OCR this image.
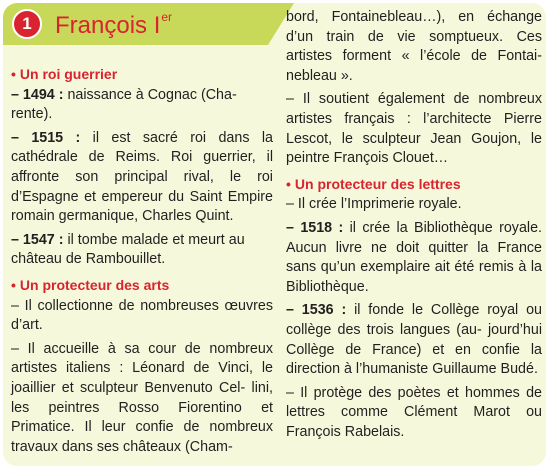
1 François Ier

• Un roi guerrier

– 1494 : naissance à Cognac (Cha- rente).

– 1515 : il est sacré roi dans la cathédrale de Reims. Roi guerrier, il affronte son principal rival, le roi d’Espagne et empereur du Saint Empire romain germanique, Charles Quint.

– 1547 : il tombe malade et meurt au château de Rambouillet.

• Un protecteur des arts

– Il collectionne de nombreuses œuvres d’art.

– Il accueille à sa cour de nombreux artistes italiens : Léonard de Vinci, le joaillier et sculpteur Benvenuto Cel- lini, les peintres Rosso Fiorentino et Primatice. Il leur confie de nombreux travaux dans ses châteaux (Cham-

bord, Fontainebleau…), en échange d’un train de vie somptueux. Ces artistes forment « l’école de Fontai- nebleau ».

– Il soutient également de nombreux artistes français : l’architecte Pierre Lescot, le sculpteur Jean Goujon, le peintre François Clouet…

• Un protecteur des lettres

– Il crée l’Imprimerie royale.

– 1518 : il crée la Bibliothèque royale. Aucun livre ne doit quitter la France sans qu’un exemplaire ait été remis à la Bibliothèque.

– 1536 : il fonde le Collège royal ou collège des trois langues (au- jourd’hui Collège de France) et en confie la direction à l’humaniste Guillaume Budé.

– Il protège des poètes et hommes de lettres comme Clément Marot ou François Rabelais.
